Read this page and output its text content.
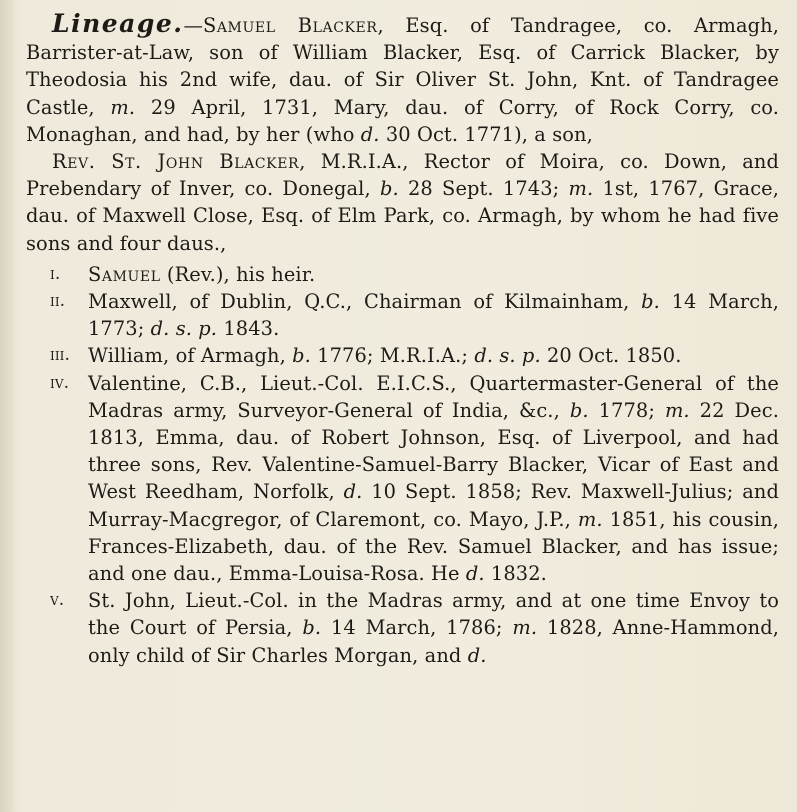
Lineage.—Samuel Blacker, Esq. of Tandragee, co. Armagh, Barrister-at-Law, son of William Blacker, Esq. of Carrick Blacker, by Theodosia his 2nd wife, dau. of Sir Oliver St. John, Knt. of Tandragee Castle, m. 29 April, 1731, Mary, dau. of Corry, of Rock Corry, co. Monaghan, and had, by her (who d. 30 Oct. 1771), a son,

Rev. St. John Blacker, M.R.I.A., Rector of Moira, co. Down, and Prebendary of Inver, co. Donegal, b. 28 Sept. 1743; m. 1st, 1767, Grace, dau. of Maxwell Close, Esq. of Elm Park, co. Armagh, by whom he had five sons and four daus.,

i.	Samuel (Rev.), his heir.
ii.	Maxwell, of Dublin, Q.C., Chairman of Kilmainham, b. 14 March, 1773; d. s. p. 1843.
iii. William, of Armagh, b. 1776; M.R.I.A.; d. s. p. 20 Oct. 1850.
iv. Valentine, C.B., Lieut.-Col. E.I.C.S., Quartermaster-General of the Madras army, Surveyor-General of India, &c., b. 1778; m. 22 Dec. 1813, Emma, dau. of Robert Johnson, Esq. of Liverpool, and had three sons, Rev. Valentine-Samuel-Barry Blacker, Vicar of East and West Reedham, Norfolk, d. 10 Sept. 1858; Rev. Maxwell-Julius; and Murray-Macgregor, of Claremont, co. Mayo, J.P., m. 1851, his cousin, Frances-Elizabeth, dau. of the Rev. Samuel Blacker, and has issue; and one dau., Emma-Louisa-Rosa. He d. 1832.
v.	St. John, Lieut.-Col. in the Madras army, and at one time Envoy to the Court of Persia, b. 14 March, 1786; m. 1828, Anne-Hammond, only child of Sir Charles Morgan, and d.
